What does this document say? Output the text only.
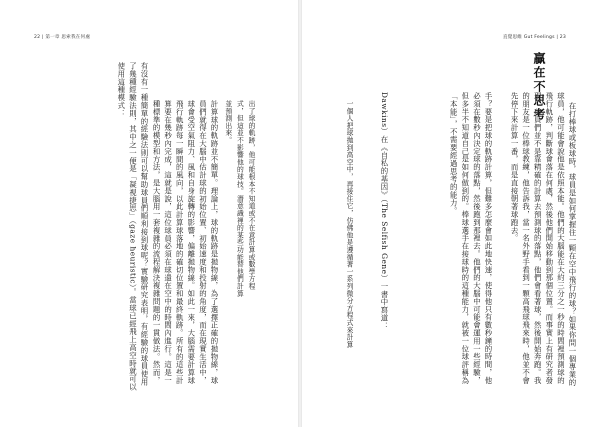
22 | 第一章 思索我在何處
有沒有一種簡單的經驗法則可以幫助球員們順利接到球呢？實驗研究表明，有經驗的球員使用了幾種經驗法則，其中之一便是「凝視捷思」（gaze heuristic）。當球已經飛上高空時就可以使用這種模式：	計算球的軌跡並不簡單。理論上，球的軌跡是拋物線，為了選擇正確的拋物線，球員們就得在大腦中估計球的初始位置、初始速度和投射的角度，而在現實生活中，球會受空氣阻力、風和自身旋轉的影響，偏離拋物線。如此一來，大腦需要計算球飛行軌跡每一瞬間的風向，以此計算球落地的確切位置和最終軌跡。所有的這些計算要在幾秒內完成，這就是說，這位球員必須在球還在空中的時間內進行。這是一種標準的模型和方法，是大腦用一套複雜的流程解決複雜問題的一貫做法。然而，
出了球的軌跡，他可能根本不知道或不在意計算或數學方程式，但這並不影響他的球技。潛意識裡的某些功能替他們計算並預測出來。
直覺思維 Gut Feelings | 23
贏在不思考
在打棒球或板球時，球員是如何掌握住一顆在空中飛行的球？如果你問一個專業的球員，他可能會說他是依照本能。他們的大腦能在大約三分之一秒的時間裡預測球的飛行軌跡，判斷球會落在何處，然後他們開始移動到那個位置。而事實上有研究者發現，球員們並不是靠精確的計算去預測球的落點，他們會看著球，然後開始奔跑。我的朋友是一位棒球教練，他告訴我，當一名外野手看到一顆高飛球飛來時，他並不會先停下來計算一番，而是直接朝著球跑去。
手？要是把球的軌跡計算，但難多怎麼會如此地快速，使得他只有數秒鐘的時間，他必須在數秒內決定球的落點，然後跑到那裡去。他們的大腦中可能會運用一些經驗，但多半不知道自己是如何做到的。棒球選手在接球時的這種能力，就被一位球評稱為「本能」，不需要經過思考的能力。
Dawkins）在《自私的基因》（The Selfish Gene）一書中寫道：
一個人把球拋到高空中，再接住它，仿佛他是遵循著一系列微分方程式來計算
